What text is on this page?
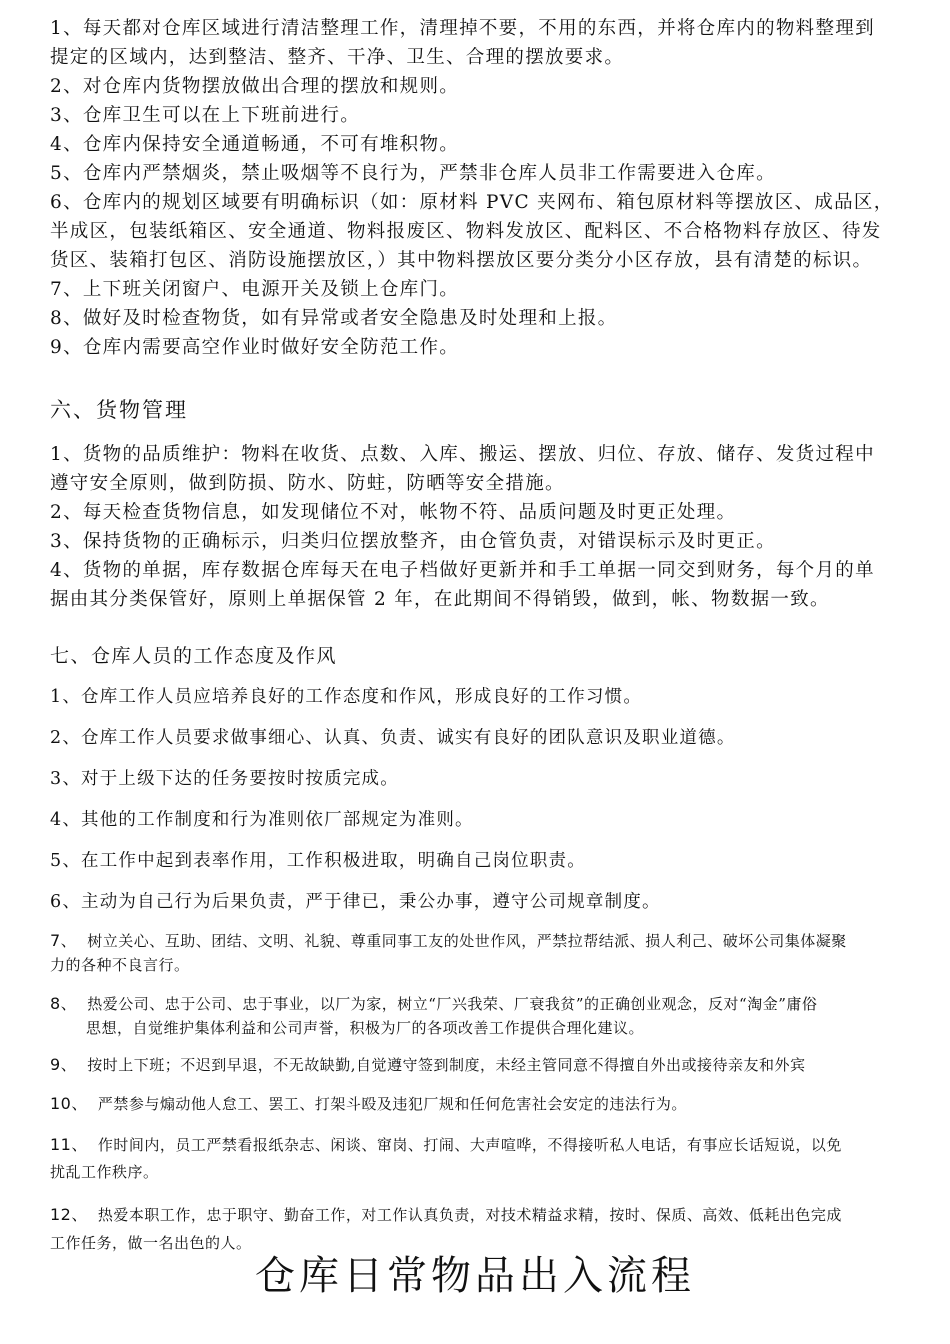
1、每天都对仓库区域进行清洁整理工作，清理掉不要，不用的东西，并将仓库内的物料整理到
提定的区域内，达到整洁、整齐、干净、卫生、合理的摆放要求。
2、对仓库内货物摆放做出合理的摆放和规则。
3、仓库卫生可以在上下班前进行。
4、仓库内保持安全通道畅通，不可有堆积物。
5、仓库内严禁烟炎，禁止吸烟等不良行为，严禁非仓库人员非工作需要进入仓库。
6、仓库内的规划区域要有明确标识（如：原材料 PVC 夹网布、箱包原材料等摆放区、成品区，
半成区，包装纸箱区、安全通道、物料报废区、物料发放区、配料区、不合格物料存放区、待发
货区、装箱打包区、消防设施摆放区，）其中物料摆放区要分类分小区存放，县有清楚的标识。
7、上下班关闭窗户、电源开关及锁上仓库门。
8、做好及时检查物货，如有异常或者安全隐患及时处理和上报。
9、仓库内需要高空作业时做好安全防范工作。
六、货物管理
1、货物的品质维护：物料在收货、点数、入库、搬运、摆放、归位、存放、储存、发货过程中
遵守安全原则，做到防损、防水、防蛀，防晒等安全措施。
2、每天检查货物信息，如发现储位不对，帐物不符、品质问题及时更正处理。
3、保持货物的正确标示，归类归位摆放整齐，由仓管负责，对错误标示及时更正。
4、货物的单据，库存数据仓库每天在电子档做好更新并和手工单据一同交到财务，每个月的单
据由其分类保管好，原则上单据保管 2 年，在此期间不得销毁，做到，帐、物数据一致。
七、仓库人员的工作态度及作风
1、仓库工作人员应培养良好的工作态度和作风，形成良好的工作习惯。
2、仓库工作人员要求做事细心、认真、负责、诚实有良好的团队意识及职业道德。
3、对于上级下达的任务要按时按质完成。
4、其他的工作制度和行为准则依厂部规定为准则。
5、在工作中起到表率作用，工作积极进取，明确自己岗位职责。
6、主动为自己行为后果负责，严于律已，秉公办事，遵守公司规章制度。
7、 树立关心、互助、团结、文明、礼貌、尊重同事工友的处世作风，严禁拉帮结派、损人利己、破坏公司集体凝聚
力的各种不良言行。
8、 热爱公司、忠于公司、忠于事业，以厂为家，树立“厂兴我荣、厂衰我贫”的正确创业观念，反对“淘金”庸俗
思想，自觉维护集体利益和公司声誉，积极为厂的各项改善工作提供合理化建议。
9、 按时上下班；不迟到早退，不无故缺勤,自觉遵守签到制度，未经主管同意不得擅自外出或接待亲友和外宾
10、 严禁参与煽动他人怠工、罢工、打架斗殴及违犯厂规和任何危害社会安定的违法行为。
11、 作时间内，员工严禁看报纸杂志、闲谈、窜岗、打闹、大声喧哗，不得接听私人电话，有事应长话短说，以免
扰乱工作秩序。
12、 热爱本职工作，忠于职守、勤奋工作，对工作认真负责，对技术精益求精，按时、保质、高效、低耗出色完成
工作任务，做一名出色的人。
仓库日常物品出入流程
